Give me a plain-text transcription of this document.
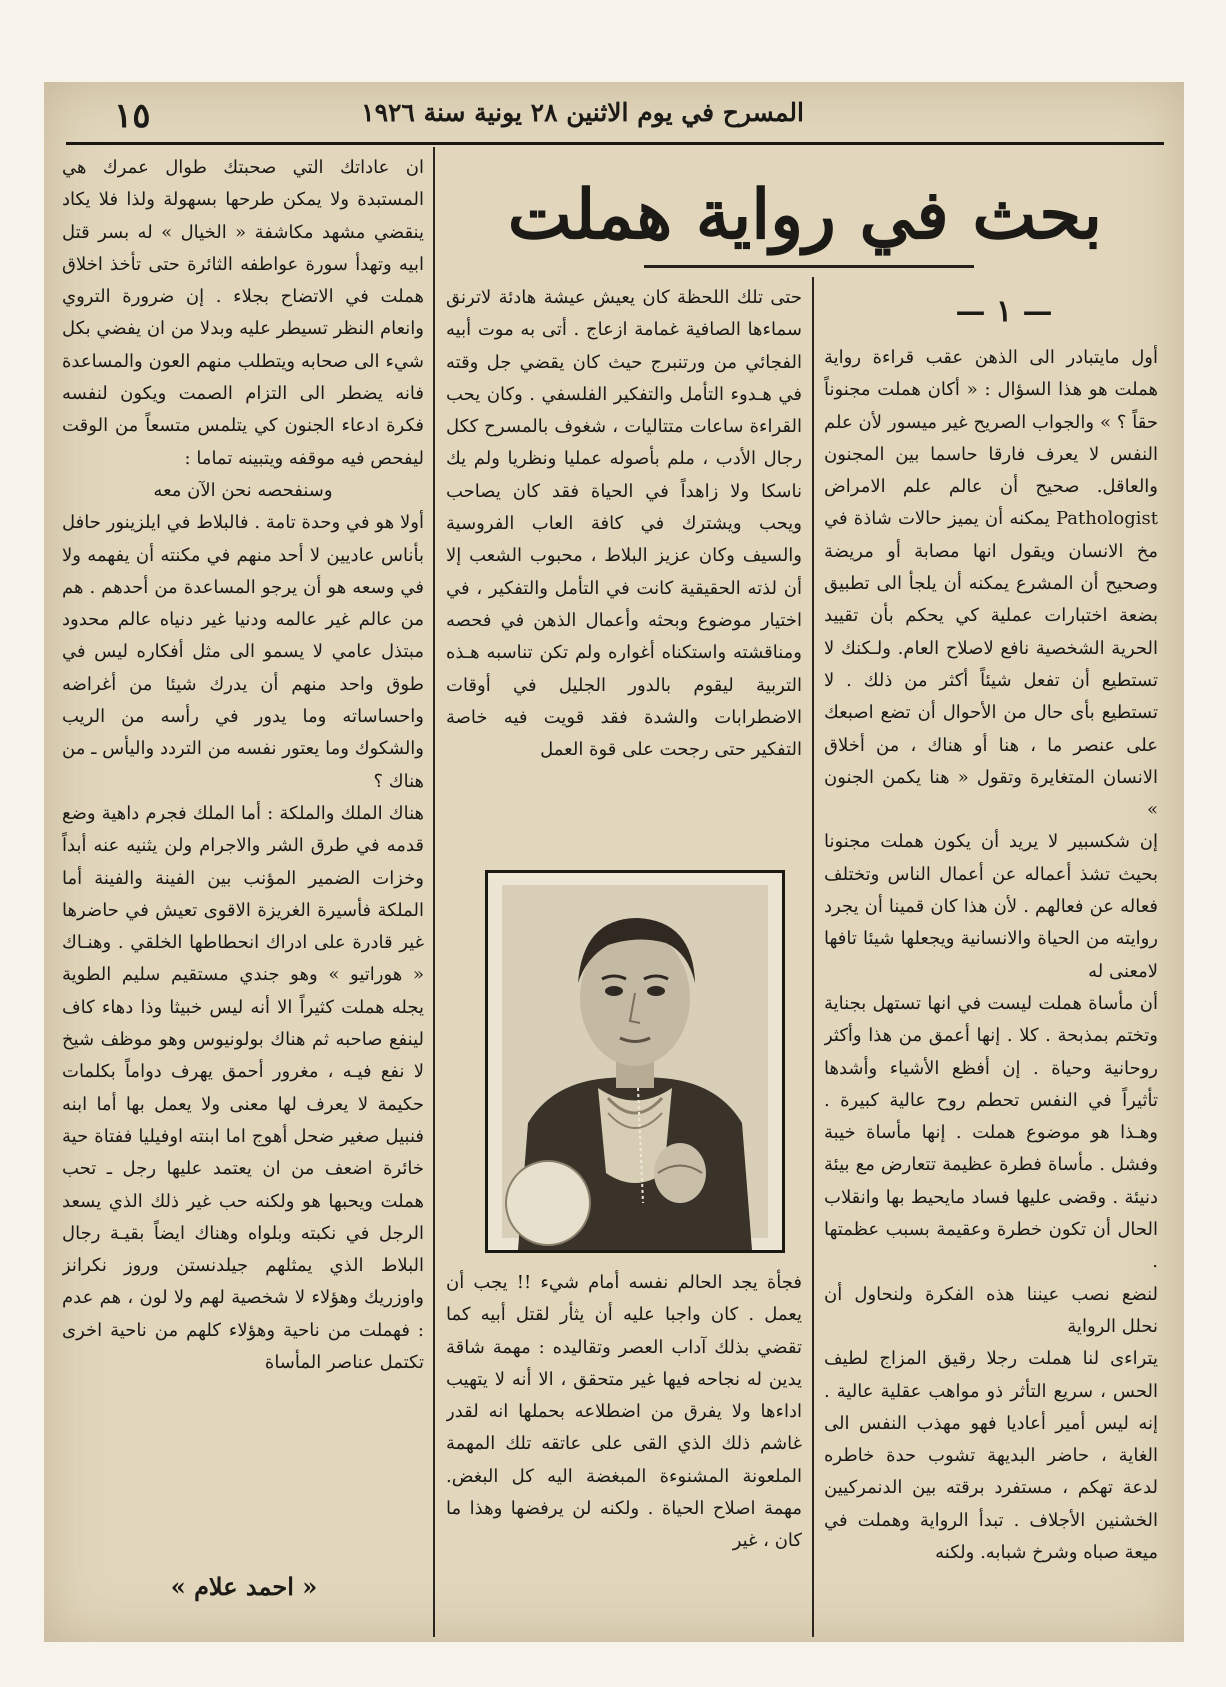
١٥	المسرح في يوم الاثنين ٢٨ يونية سنة ١٩٢٦
بحث في رواية هملت
— ١ —

أول مايتبادر الى الذهن عقب قراءة رواية هملت هو هذا السؤال : « أكان هملت مجنوناً حقاً ؟ » والجواب الصريح غير ميسور لأن علم النفس لا يعرف فارقا حاسما بين المجنون والعاقل. صحيح أن عالم علم الامراض Pathologist يمكنه أن يميز حالات شاذة في مخ الانسان ويقول انها مصابة أو مريضة وصحيح أن المشرع يمكنه أن يلجأ الى تطبيق بضعة اختبارات عملية كي يحكم بأن تقييد الحرية الشخصية نافع لاصلاح العام. ولـكنك لا تستطيع أن تفعل شيئاً أكثر من ذلك . لا تستطيع بأى حال من الأحوال أن تضع اصبعك على عنصر ما ، هنا أو هناك ، من أخلاق الانسان المتغايرة وتقول « هنا يكمن الجنون »

إن شكسبير لا يريد أن يكون هملت مجنونا بحيث تشذ أعماله عن أعمال الناس وتختلف فعاله عن فعالهم . لأن هذا كان قمينا أن يجرد روايته من الحياة والانسانية ويجعلها شيئا تافها لامعنى له

أن مأساة هملت ليست في انها تستهل بجناية وتختم بمذبحة . كلا . إنها أعمق من هذا وأكثر روحانية وحياة . إن أفظع الأشياء وأشدها تأثيراً في النفس تحطم روح عالية كبيرة . وهـذا هو موضوع هملت . إنها مأساة خيبة وفشل . مأساة فطرة عظيمة تتعارض مع بيئة دنيئة . وقضى عليها فساد مايحيط بها وانقلاب الحال أن تكون خطرة وعقيمة بسبب عظمتها .

لنضع نصب عيننا هذه الفكرة ولنحاول أن نحلل الرواية

يتراءى لنا هملت رجلا رقيق المزاج لطيف الحس ، سريع التأثر ذو مواهب عقلية عالية . إنه ليس أمير أعاديا فهو مهذب النفس الى الغاية ، حاضر البديهة تشوب حدة خاطره لدعة تهكم ، مستفرد برقته بين الدنمركيين الخشنين الأجلاف . تبدأ الرواية وهملت في ميعة صباه وشرخ شبابه. ولكنه

حتى تلك اللحظة كان يعيش عيشة هادئة لاترنق سماءها الصافية غمامة ازعاج . أتى به موت أبيه الفجائي من ورتنبرج حيث كان يقضي جل وقته في هـدوء التأمل والتفكير الفلسفي . وكان يحب القراءة ساعات متتاليات ، شغوف بالمسرح ككل رجال الأدب ، ملم بأصوله عمليا ونظريا ولم يك ناسكا ولا زاهداً في الحياة فقد كان يصاحب ويحب ويشترك في كافة العاب الفروسية والسيف وكان عزيز البلاط ، محبوب الشعب إلا أن لذته الحقيقية كانت في التأمل والتفكير ، في اختيار موضوع وبحثه وأعمال الذهن في فحصه ومناقشته واستكناه أغواره ولم تكن تناسبه هـذه التربية ليقوم بالدور الجليل في أوقات الاضطرابات والشدة فقد قويت فيه خاصة التفكير حتى رجحت على قوة العمل

فجأة يجد الحالم نفسه أمام شيء !! يجب أن يعمل . كان واجبا عليه أن يثأر لقتل أبيه كما تقضي بذلك آداب العصر وتقاليده : مهمة شاقة يدين له نجاحه فيها غير متحقق ، الا أنه لا يتهيب اداءها ولا يفرق من اضطلاعه بحملها انه لقدر غاشم ذلك الذي القى على عاتقه تلك المهمة الملعونة المشنوءة المبغضة اليه كل البغض. مهمة اصلاح الحياة . ولكنه لن يرفضها وهذا ما كان ، غير

ان عاداتك التي صحبتك طوال عمرك هي المستبدة ولا يمكن طرحها بسهولة ولذا فلا يكاد ينقضي مشهد مكاشفة « الخيال » له بسر قتل ابيه وتهدأ سورة عواطفه الثائرة حتى تأخذ اخلاق هملت في الاتضاح بجلاء . إن ضرورة التروي وانعام النظر تسيطر عليه وبدلا من ان يفضي بكل شيء الى صحابه ويتطلب منهم العون والمساعدة فانه يضطر الى التزام الصمت ويكون لنفسه فكرة ادعاء الجنون كي يتلمس متسعاً من الوقت ليفحص فيه موقفه ويتبينه تماما :

وسنفحصه نحن الآن معه

أولا هو في وحدة تامة . فالبلاط في ايلزينور حافل بأناس عاديين لا أحد منهم في مكنته أن يفهمه ولا في وسعه هو أن يرجو المساعدة من أحدهم . هم من عالم غير عالمه ودنيا غير دنياه عالم محدود مبتذل عامي لا يسمو الى مثل أفكاره ليس في طوق واحد منهم أن يدرك شيئا من أغراضه واحساساته وما يدور في رأسه من الريب والشكوك وما يعتور نفسه من التردد واليأس ـ من هناك ؟

هناك الملك والملكة : أما الملك فجرم داهية وضع قدمه في طرق الشر والاجرام ولن يثنيه عنه أبداً وخزات الضمير المؤنب بين الفينة والفينة أما الملكة فأسيرة الغريزة الاقوى تعيش في حاضرها غير قادرة على ادراك انحطاطها الخلقي . وهنـاك « هوراتيو » وهو جندي مستقيم سليم الطوية يجله هملت كثيراً الا أنه ليس خبيثا وذا دهاء كاف لينفع صاحبه ثم هناك بولونيوس وهو موظف شيخ لا نفع فيـه ، مغرور أحمق يهرف دواماً بكلمات حكيمة لا يعرف لها معنى ولا يعمل بها أما ابنه فنبيل صغير ضحل أهوج اما ابنته اوفيليا ففتاة حية خائرة اضعف من ان يعتمد عليها رجل ـ تحب هملت ويحبها هو ولكنه حب غير ذلك الذي يسعد الرجل في نكبته وبلواه وهناك ايضاً بقيـة رجال البلاط الذي يمثلهم جيلدنستن وروز نكرانز واوزريك وهؤلاء لا شخصية لهم ولا لون ، هم عدم : فهملت من ناحية وهؤلاء كلهم من ناحية اخرى تكتمل عناصر المأساة

« احمد علام »
